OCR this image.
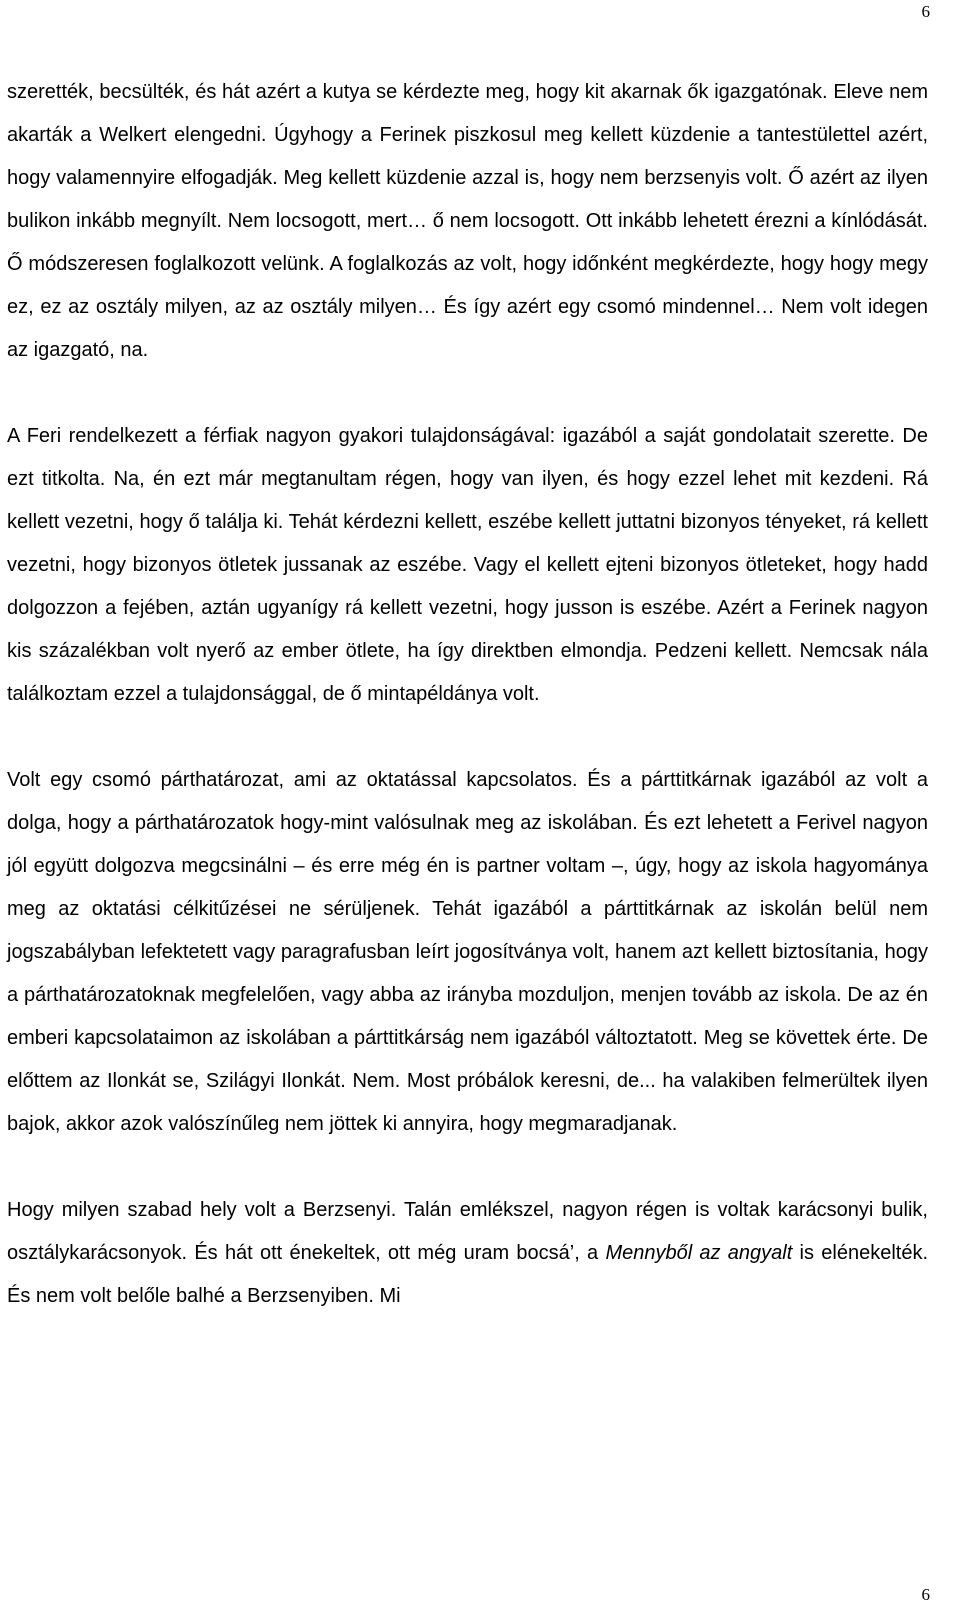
6

szerették, becsülték, és hát azért a kutya se kérdezte meg, hogy kit akarnak ők igazgatónak. Eleve nem akarták a Welkert elengedni. Úgyhogy a Ferinek piszkosul meg kellett küzdenie a tantestülettel azért, hogy valamennyire elfogadják. Meg kellett küzdenie azzal is, hogy nem berzsenyis volt. Ő azért az ilyen bulikon inkább megnyílt. Nem locsogott, mert… ő nem locsogott. Ott inkább lehetett érezni a kínlódását. Ő módszeresen foglalkozott velünk. A foglalkozás az volt, hogy időnként megkérdezte, hogy hogy megy ez, ez az osztály milyen, az az osztály milyen… És így azért egy csomó mindennel… Nem volt idegen az igazgató, na.

A Feri rendelkezett a férfiak nagyon gyakori tulajdonságával: igazából a saját gondolatait szerette. De ezt titkolta. Na, én ezt már megtanultam régen, hogy van ilyen, és hogy ezzel lehet mit kezdeni. Rá kellett vezetni, hogy ő találja ki. Tehát kérdezni kellett, eszébe kellett juttatni bizonyos tényeket, rá kellett vezetni, hogy bizonyos ötletek jussanak az eszébe. Vagy el kellett ejteni bizonyos ötleteket, hogy hadd dolgozzon a fejében, aztán ugyanígy rá kellett vezetni, hogy jusson is eszébe. Azért a Ferinek nagyon kis százalékban volt nyerő az ember ötlete, ha így direktben elmondja. Pedzeni kellett. Nemcsak nála találkoztam ezzel a tulajdonsággal, de ő mintapéldánya volt.

Volt egy csomó párthatározat, ami az oktatással kapcsolatos. És a párttitkárnak igazából az volt a dolga, hogy a párthatározatok hogy-mint valósulnak meg az iskolában. És ezt lehetett a Ferivel nagyon jól együtt dolgozva megcsinálni – és erre még én is partner voltam –, úgy, hogy az iskola hagyománya meg az oktatási célkitűzései ne sérüljenek. Tehát igazából a párttitkárnak az iskolán belül nem jogszabályban lefektetett vagy paragrafusban leírt jogosítványa volt, hanem azt kellett biztosítania, hogy a párthatározatoknak megfelelően, vagy abba az irányba mozduljon, menjen tovább az iskola. De az én emberi kapcsolataimon az iskolában a párttitkárság nem igazából változtatott. Meg se követtek érte. De előttem az Ilonkát se, Szilágyi Ilonkát. Nem. Most próbálok keresni, de... ha valakiben felmerültek ilyen bajok, akkor azok valószínűleg nem jöttek ki annyira, hogy megmaradjanak.

Hogy milyen szabad hely volt a Berzsenyi. Talán emlékszel, nagyon régen is voltak karácsonyi bulik, osztálykarácsonyok. És hát ott énekeltek, ott még uram bocsá’, a Mennyből az angyalt is elénekelték. És nem volt belőle balhé a Berzsenyiben. Mi

6
